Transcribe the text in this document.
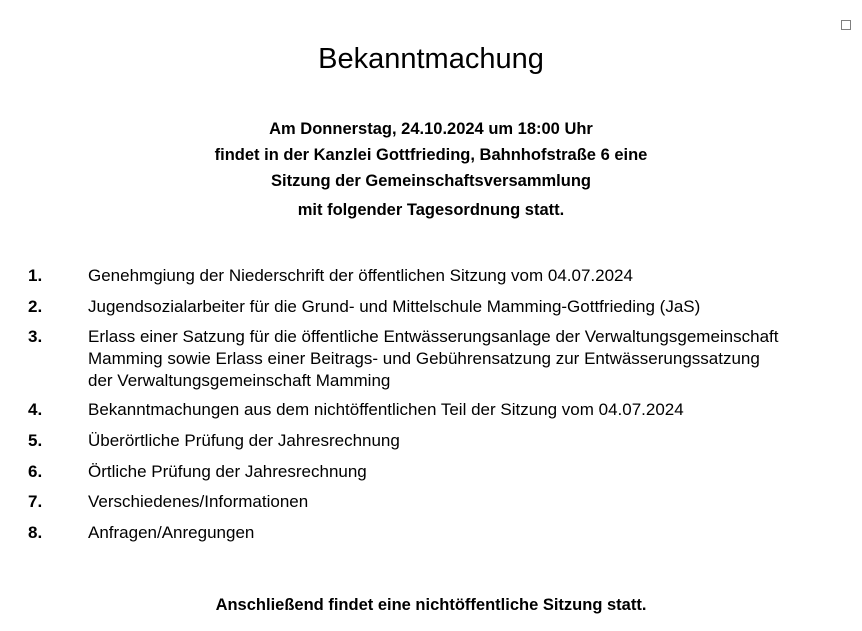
Bekanntmachung
Am Donnerstag, 24.10.2024 um 18:00 Uhr
findet in der Kanzlei Gottfrieding, Bahnhofstraße 6 eine
Sitzung der Gemeinschaftsversammlung
mit folgender Tagesordnung statt.
1.	Genehmgiung der Niederschrift der öffentlichen Sitzung vom 04.07.2024
2.	Jugendsozialarbeiter für die Grund- und Mittelschule Mamming-Gottfrieding (JaS)
3.	Erlass einer Satzung für die öffentliche Entwässerungsanlage der Verwaltungsgemeinschaft
Mamming sowie Erlass einer Beitrags- und Gebührensatzung zur Entwässerungssatzung
der Verwaltungsgemeinschaft Mamming
4.	Bekanntmachungen aus dem nichtöffentlichen Teil der Sitzung vom 04.07.2024
5.	Überörtliche Prüfung der Jahresrechnung
6.	Örtliche Prüfung der Jahresrechnung
7.	Verschiedenes/Informationen
8.	Anfragen/Anregungen
Anschließend findet eine nichtöffentliche Sitzung statt.
